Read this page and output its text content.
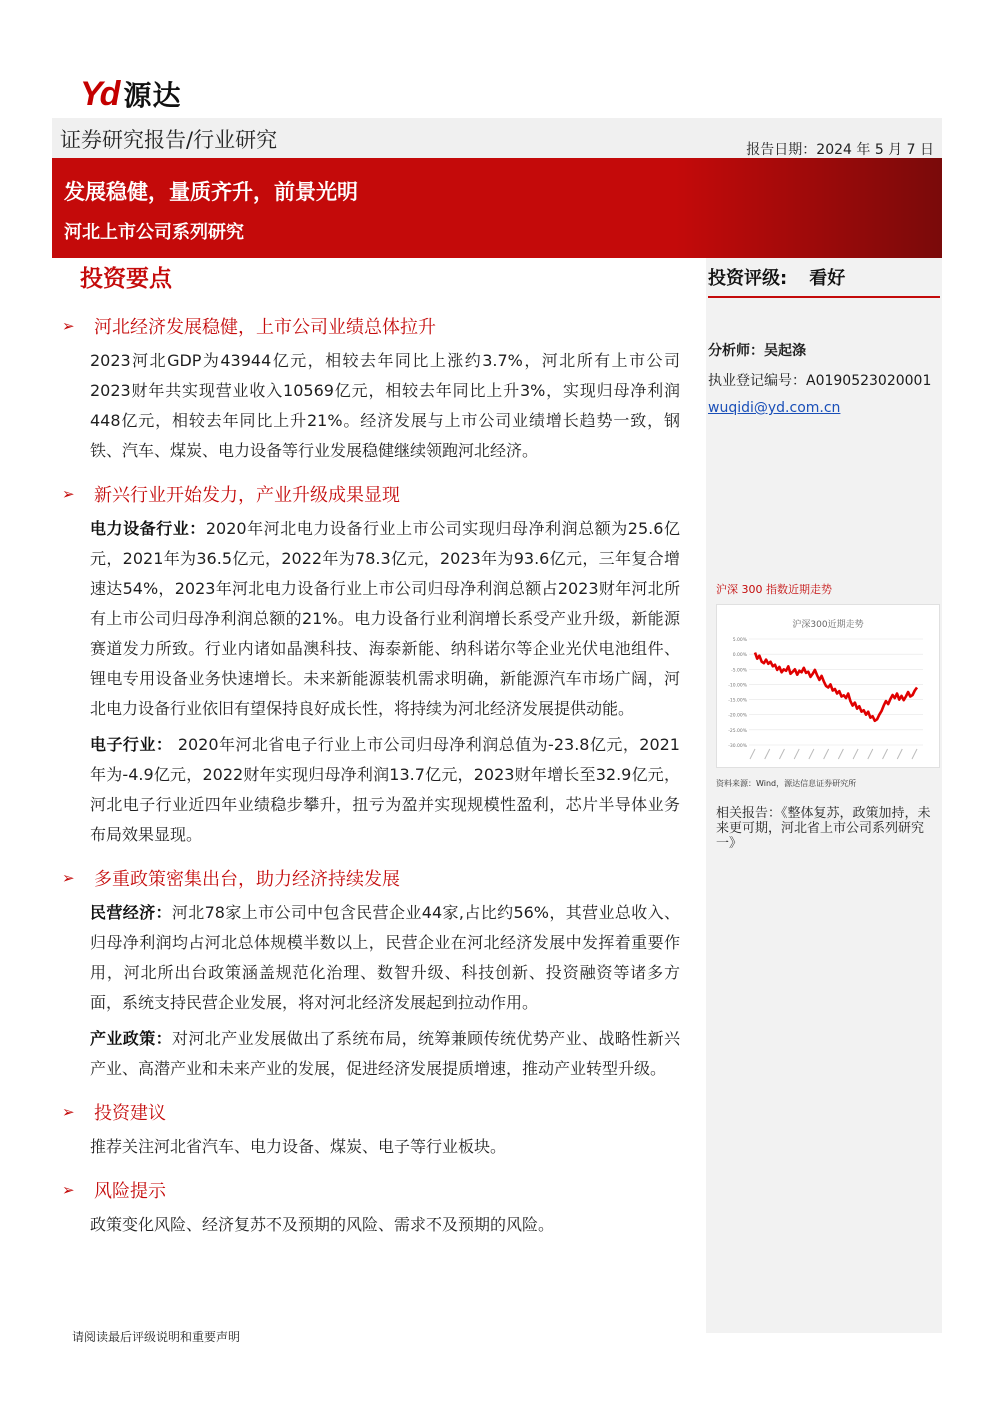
Yd 源达
证券研究报告/行业研究	报告日期：2024 年 5 月 7 日
发展稳健，量质齐升，前景光明
河北上市公司系列研究
投资要点
➢	河北经济发展稳健，上市公司业绩总体拉升
2023河北GDP为43944亿元，相较去年同比上涨约3.7%，河北所有上市公司2023财年共实现营业收入10569亿元，相较去年同比上升3%，实现归母净利润448亿元，相较去年同比上升21%。经济发展与上市公司业绩增长趋势一致，钢铁、汽车、煤炭、电力设备等行业发展稳健继续领跑河北经济。
➢	新兴行业开始发力，产业升级成果显现
电力设备行业：2020年河北电力设备行业上市公司实现归母净利润总额为25.6亿元，2021年为36.5亿元，2022年为78.3亿元，2023年为93.6亿元，三年复合增速达54%，2023年河北电力设备行业上市公司归母净利润总额占2023财年河北所有上市公司归母净利润总额的21%。电力设备行业利润增长系受产业升级，新能源赛道发力所致。行业内诸如晶澳科技、海泰新能、纳科诺尔等企业光伏电池组件、锂电专用设备业务快速增长。未来新能源装机需求明确，新能源汽车市场广阔，河北电力设备行业依旧有望保持良好成长性，将持续为河北经济发展提供动能。
电子行业： 2020年河北省电子行业上市公司归母净利润总值为-23.8亿元，2021年为-4.9亿元，2022财年实现归母净利润13.7亿元，2023财年增长至32.9亿元，河北电子行业近四年业绩稳步攀升，扭亏为盈并实现规模性盈利，芯片半导体业务布局效果显现。
➢	多重政策密集出台，助力经济持续发展
民营经济：河北78家上市公司中包含民营企业44家,占比约56%，其营业总收入、归母净利润均占河北总体规模半数以上，民营企业在河北经济发展中发挥着重要作用，河北所出台政策涵盖规范化治理、数智升级、科技创新、投资融资等诸多方面，系统支持民营企业发展，将对河北经济发展起到拉动作用。
产业政策：对河北产业发展做出了系统布局，统筹兼顾传统优势产业、战略性新兴产业、高潜产业和未来产业的发展，促进经济发展提质增速，推动产业转型升级。
➢	投资建议
推荐关注河北省汽车、电力设备、煤炭、电子等行业板块。
➢	风险提示
政策变化风险、经济复苏不及预期的风险、需求不及预期的风险。
投资评级: 看好
分析师：吴起涤
执业登记编号：A0190523020001
wuqidi@yd.com.cn
沪深 300 指数近期走势
沪深300近期走势
5.00%
0.00%
-5.00%
-10.00%
-15.00%
-20.00%
-25.00%
-30.00%
资料来源：Wind，源达信息证券研究所
相关报告：《整体复苏，政策加持，未来更可期，河北省上市公司系列研究一》
请阅读最后评级说明和重要声明
